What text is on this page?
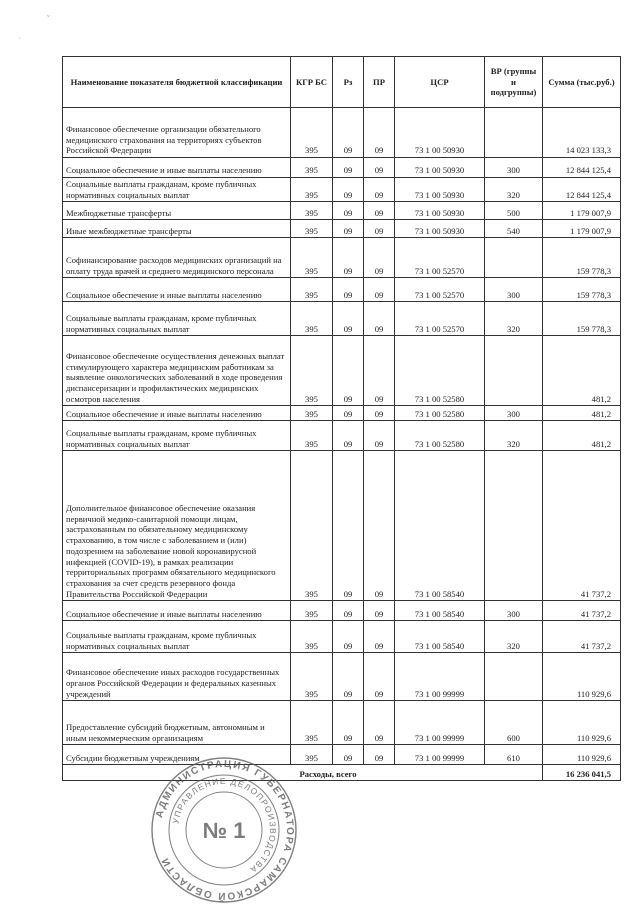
ˇ
˙
Наименование показателя бюджетной классификации	КГР БС	Рз	ПР	ЦСР	ВР (группы и подгруппы)	Сумма (тыс.руб.)
Финансовое обеспечение организации обязательного медицинского страхования на территориях субъектов Российской Федерации	395	09	09	73 1 00 50930		14 023 133,3
Социальное обеспечение и иные выплаты населению	395	09	09	73 1 00 50930	300	12 844 125,4
Социальные выплаты гражданам, кроме публичных нормативных социальных выплат	395	09	09	73 1 00 50930	320	12 844 125,4
Межбюджетные трансферты	395	09	09	73 1 00 50930	500	1 179 007,9
Иные межбюджетные трансферты	395	09	09	73 1 00 50930	540	1 179 007,9
Софинансирование расходов медицинских организаций на оплату труда врачей и среднего медицинского персонала	395	09	09	73 1 00 52570		159 778,3
Социальное обеспечение и иные выплаты населению	395	09	09	73 1 00 52570	300	159 778,3
Социальные выплаты гражданам, кроме публичных нормативных социальных выплат	395	09	09	73 1 00 52570	320	159 778,3
Финансовое обеспечение осуществления денежных выплат стимулирующего характера медицинским работникам за выявление онкологических заболеваний в ходе проведения диспансеризации и профилактических медицинских осмотров населения	395	09	09	73 1 00 52580		481,2
Социальное обеспечение и иные выплаты населению	395	09	09	73 1 00 52580	300	481,2
Социальные выплаты гражданам, кроме публичных нормативных социальных выплат	395	09	09	73 1 00 52580	320	481,2
Дополнительное финансовое обеспечение оказания первичной медико-санитарной помощи лицам, застрахованным по обязательному медицинскому страхованию, в том числе с заболеванием и (или) подозрением на заболевание новой коронавирусной инфекцией (COVID-19), в рамках реализации территориальных программ обязательного медицинского страхования за счет средств резервного фонда Правительства Российской Федерации	395	09	09	73 1 00 58540		41 737,2
Социальное обеспечение и иные выплаты населению	395	09	09	73 1 00 58540	300	41 737,2
Социальные выплаты гражданам, кроме публичных нормативных социальных выплат	395	09	09	73 1 00 58540	320	41 737,2
Финансовое обеспечение иных расходов государственных органов Российской Федерации и федеральных казенных учреждений	395	09	09	73 1 00 99999		110 929,6
Предоставление субсидий бюджетным, автономным и иным некоммерческим организациям	395	09	09	73 1 00 99999	600	110 929,6
Субсидии бюджетным учреждениям	395	09	09	73 1 00 99999	610	110 929,6
Расходы, всего						16 236 041,5
АДМИНИСТРАЦИЯ ГУБЕРНАТОРА САМАРСКОЙ ОБЛАСТИ
УПРАВЛЕНИЕ ДЕЛОПРОИЗВОДСТВА
№ 1
